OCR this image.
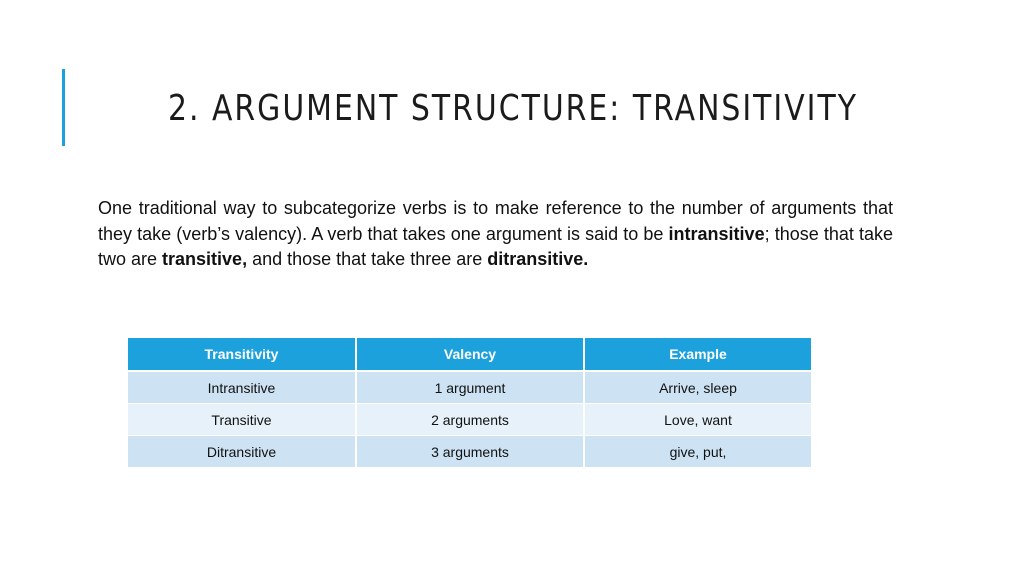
2. ARGUMENT STRUCTURE: TRANSITIVITY

One traditional way to subcategorize verbs is to make reference to the number of arguments that they take (verb’s valency). A verb that takes one argument is said to be intransitive; those that take two are transitive, and those that take three are ditransitive.

Transitivity	Valency	Example
Intransitive	1 argument	Arrive, sleep
Transitive	2 arguments	Love, want
Ditransitive	3 arguments	give, put,
